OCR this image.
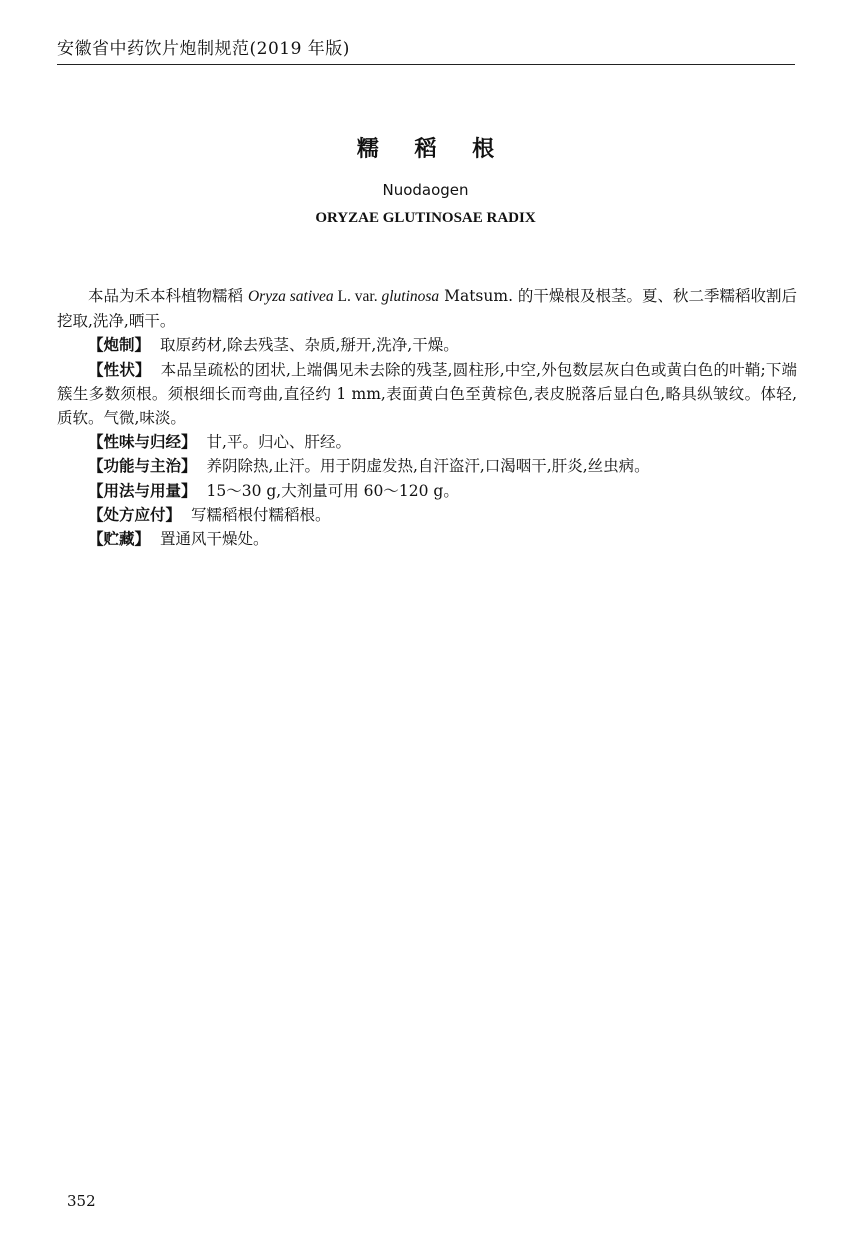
安徽省中药饮片炮制规范(2019 年版)
糯 稻 根
Nuodaogen
ORYZAE GLUTINOSAE RADIX

本品为禾本科植物糯稻 Oryza sativea L. var. glutinosa Matsum. 的干燥根及根茎。夏、秋二季糯稻收割后挖取,洗净,晒干。

【炮制】 取原药材,除去残茎、杂质,掰开,洗净,干燥。

【性状】 本品呈疏松的团状,上端偶见未去除的残茎,圆柱形,中空,外包数层灰白色或黄白色的叶鞘;下端簇生多数须根。须根细长而弯曲,直径约 1 mm,表面黄白色至黄棕色,表皮脱落后显白色,略具纵皱纹。体轻,质软。气微,味淡。

【性味与归经】 甘,平。归心、肝经。

【功能与主治】 养阴除热,止汗。用于阴虚发热,自汗盗汗,口渴咽干,肝炎,丝虫病。

【用法与用量】 15～30 g,大剂量可用 60～120 g。

【处方应付】 写糯稻根付糯稻根。

【贮藏】 置通风干燥处。

352
